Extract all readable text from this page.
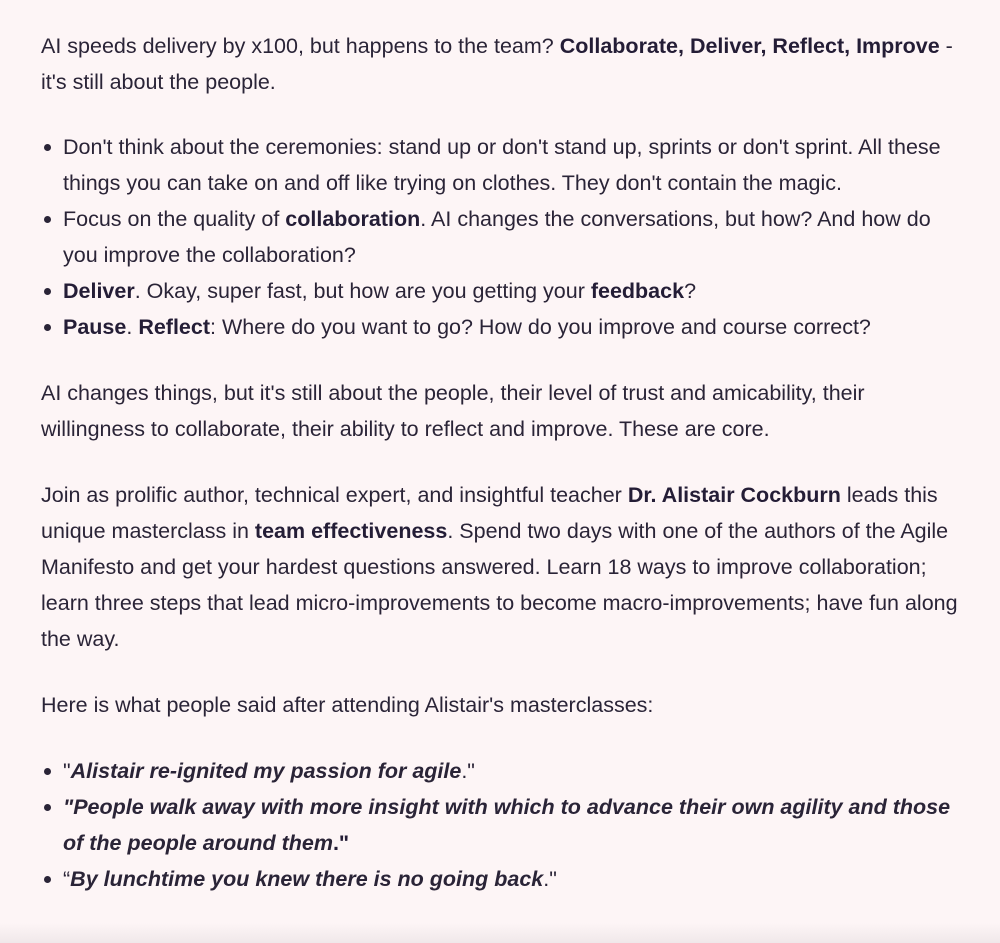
AI speeds delivery by x100, but happens to the team? Collaborate, Deliver, Reflect, Improve - it's still about the people.

Don't think about the ceremonies: stand up or don't stand up, sprints or don't sprint. All these things you can take on and off like trying on clothes. They don't contain the magic.
Focus on the quality of collaboration. AI changes the conversations, but how? And how do you improve the collaboration?
Deliver. Okay, super fast, but how are you getting your feedback?
Pause. Reflect: Where do you want to go? How do you improve and course correct?

AI changes things, but it's still about the people, their level of trust and amicability, their willingness to collaborate, their ability to reflect and improve. These are core.

Join as prolific author, technical expert, and insightful teacher Dr. Alistair Cockburn leads this unique masterclass in team effectiveness. Spend two days with one of the authors of the Agile Manifesto and get your hardest questions answered. Learn 18 ways to improve collaboration; learn three steps that lead micro-improvements to become macro-improvements; have fun along the way.

Here is what people said after attending Alistair's masterclasses:

"Alistair re-ignited my passion for agile."
"People walk away with more insight with which to advance their own agility and those of the people around them."
“By lunchtime you knew there is no going back."
